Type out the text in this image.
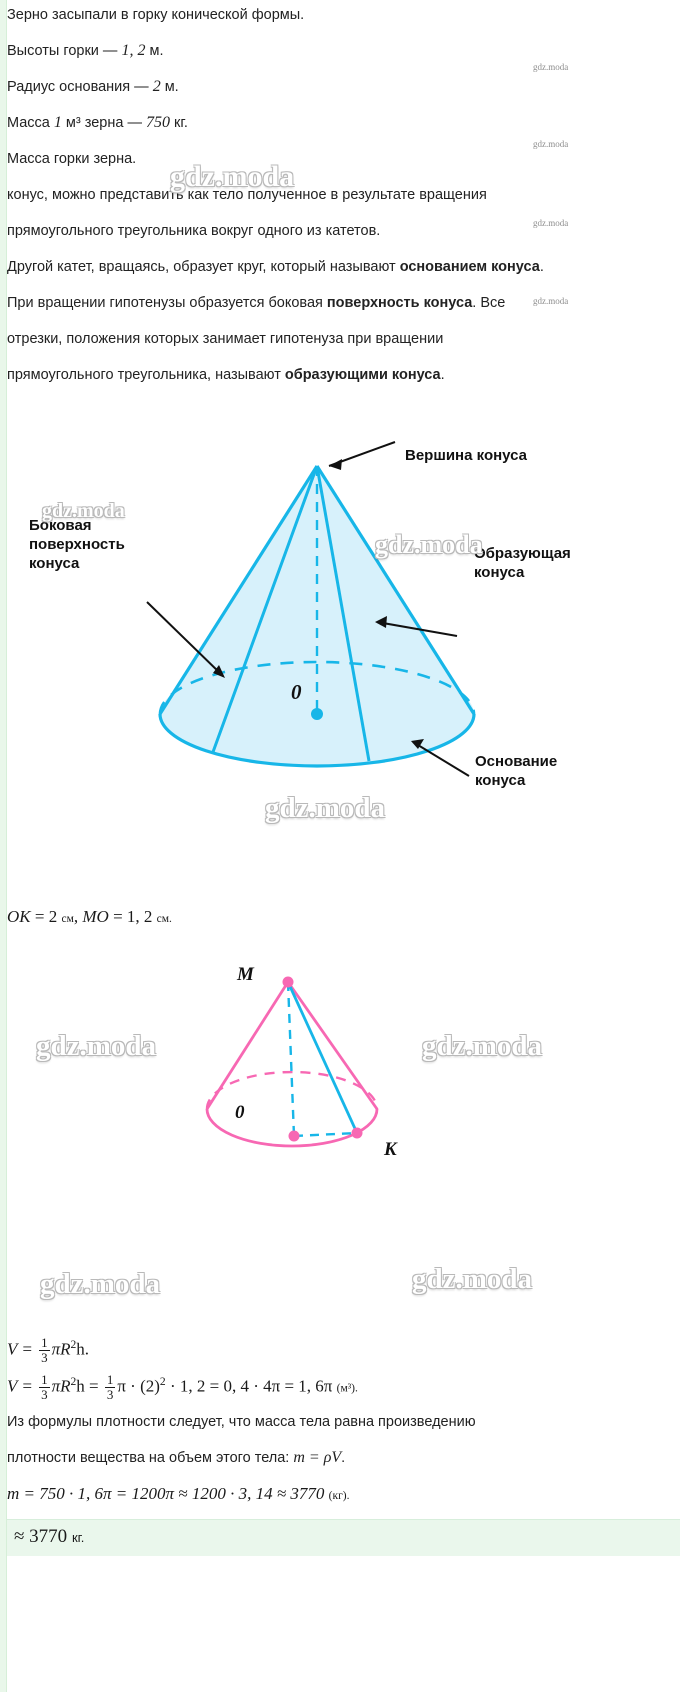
gdz.moda
gdz.moda
gdz.moda
gdz.moda
gdz.moda
gdz.moda
gdz.moda
gdz.moda
gdz.moda	gdz.moda
gdz.moda	gdz.moda

Зерно засыпали в горку конической формы.

Высоты горки — 1, 2 м.

Радиус основания — 2 м.

Масса 1 м³ зерна — 750 кг.

Масса горки зерна.

конус, можно представить как тело полученное в результате вращения

прямоугольного треугольника вокруг одного из катетов.

Другой катет, вращаясь, образует круг, который называют основанием конуса.

При вращении гипотенузы образуется боковая поверхность конуса. Все

отрезки, положения которых занимает гипотенуза при вращении

прямоугольного треугольника, называют образующими конуса.

Вершина конуса
Боковая
поверхность
конуса
Образующая
конуса
Основание
конуса
0

OK = 2 см, MO = 1, 2 см.

M
K
0
$V = \frac{1}{3} \pi R^2h$.
$V = \frac{1}{3} \pi R^2h = \frac{1}{3}$ $\pi \cdot (2)^2 \cdot 1$, 2 = 0, 4 · 4π = 1, 6π (м³).

Из формулы плотности следует, что масса тела равна произведению

плотности вещества на объем этого тела: m = ρV.

m = 750 · 1, 6π = 1200π ≈ 1200 · 3, 14 ≈ 3770 (кг).
≈ 3770 кг.
